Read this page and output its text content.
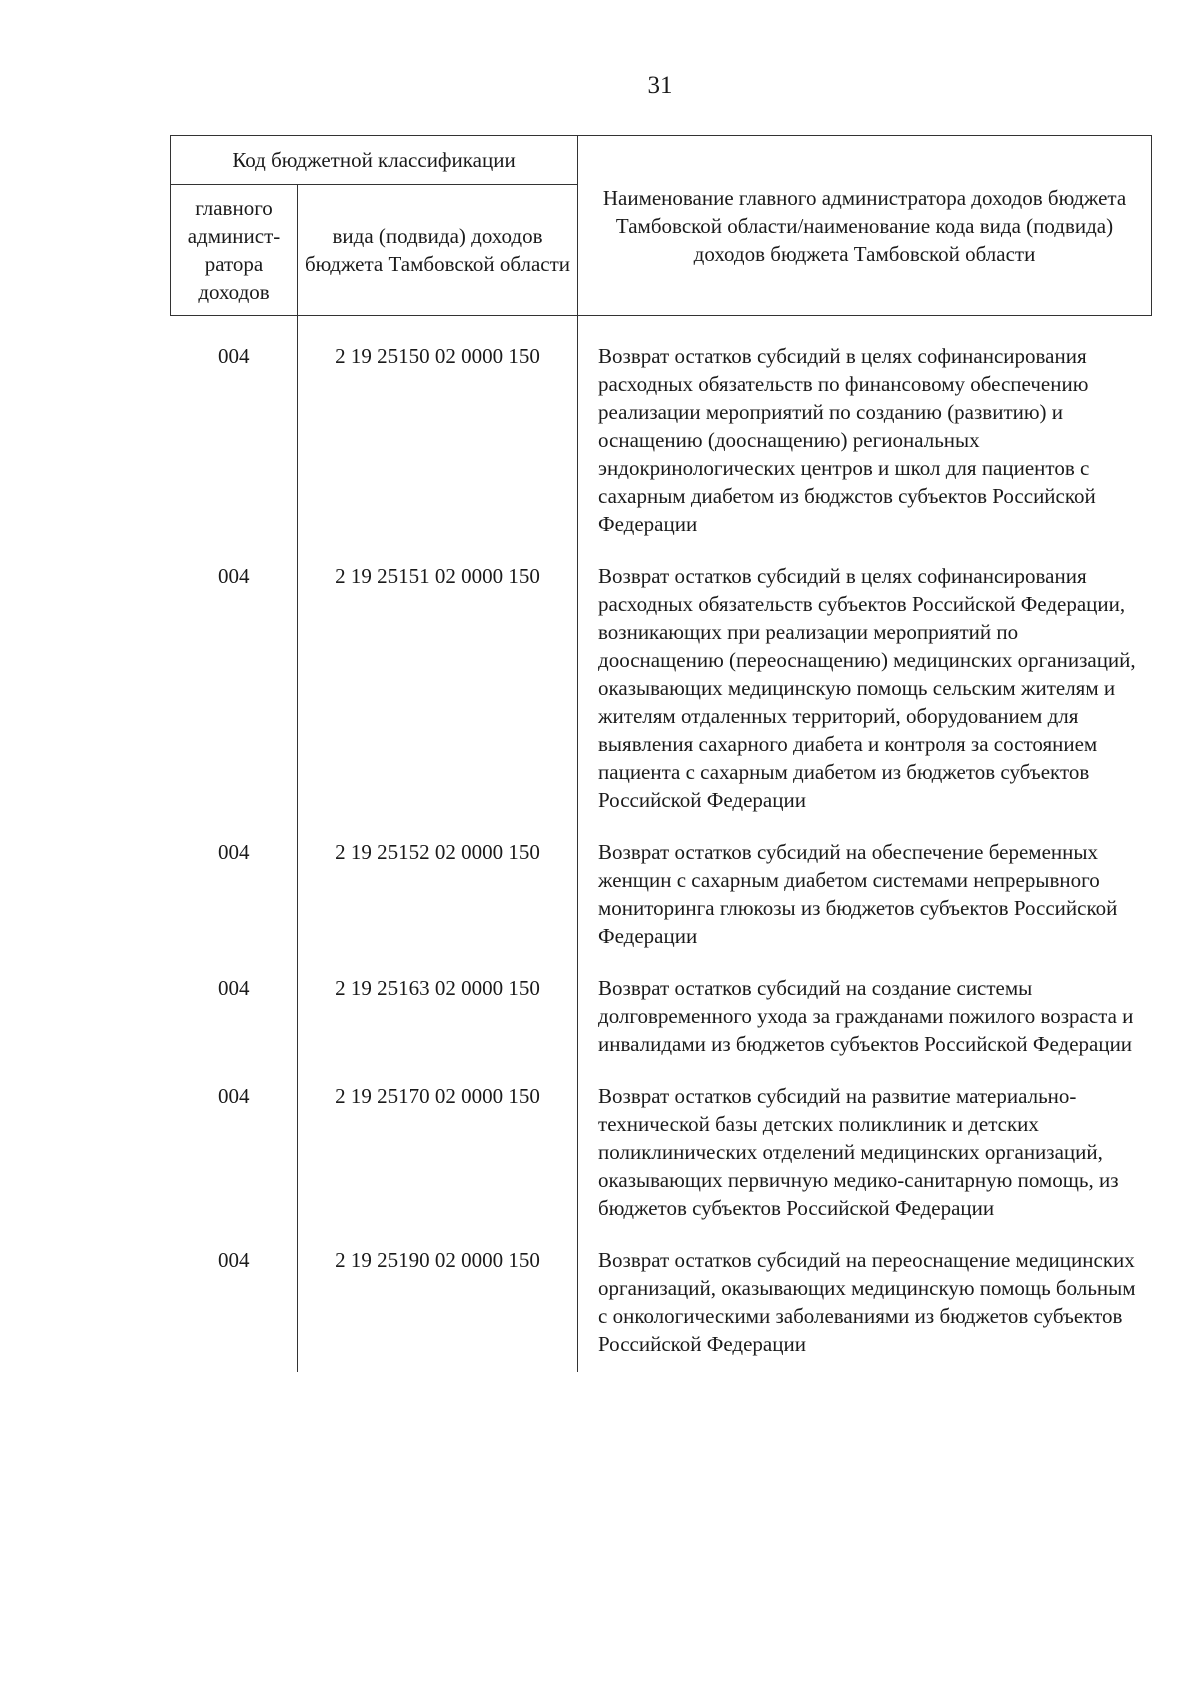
31
Код бюджетной классификации		Наименование главного администратора доходов бюджета Тамбовской области/наименование кода вида (подвида) доходов бюджета Тамбовской области
главного админист-ратора доходов	вида (подвида) доходов бюджета Тамбовской области	
004	2 19 25150 02 0000 150	Возврат остатков субсидий в целях софинансирования расходных обязательств по финансовому обеспечению реализации мероприятий по созданию (развитию) и оснащению (дооснащению) региональных эндокринологических центров и школ для пациентов с сахарным диабетом из бюджстов субъектов Российской Федерации
004	2 19 25151 02 0000 150	Возврат остатков субсидий в целях софинансирования расходных обязательств субъектов Российской Федерации, возникающих при реализации мероприятий по дооснащению (переоснащению) медицинских организаций, оказывающих медицинскую помощь сельским жителям и жителям отдаленных территорий, оборудованием для выявления сахарного диабета и контроля за состоянием пациента с сахарным диабетом из бюджетов субъектов Российской Федерации
004	2 19 25152 02 0000 150	Возврат остатков субсидий на обеспечение беременных женщин с сахарным диабетом системами непрерывного мониторинга глюкозы из бюджетов субъектов Российской Федерации
004	2 19 25163 02 0000 150	Возврат остатков субсидий на создание системы долговременного ухода за гражданами пожилого возраста и инвалидами из бюджетов субъектов Российской Федерации
004	2 19 25170 02 0000 150	Возврат остатков субсидий на развитие материально-технической базы детских поликлиник и детских поликлинических отделений медицинских организаций, оказывающих первичную медико-санитарную помощь, из бюджетов субъектов Российской Федерации
004	2 19 25190 02 0000 150	Возврат остатков субсидий на переоснащение медицинских организаций, оказывающих медицинскую помощь больным с онкологическими заболеваниями из бюджетов субъектов Российской Федерации
